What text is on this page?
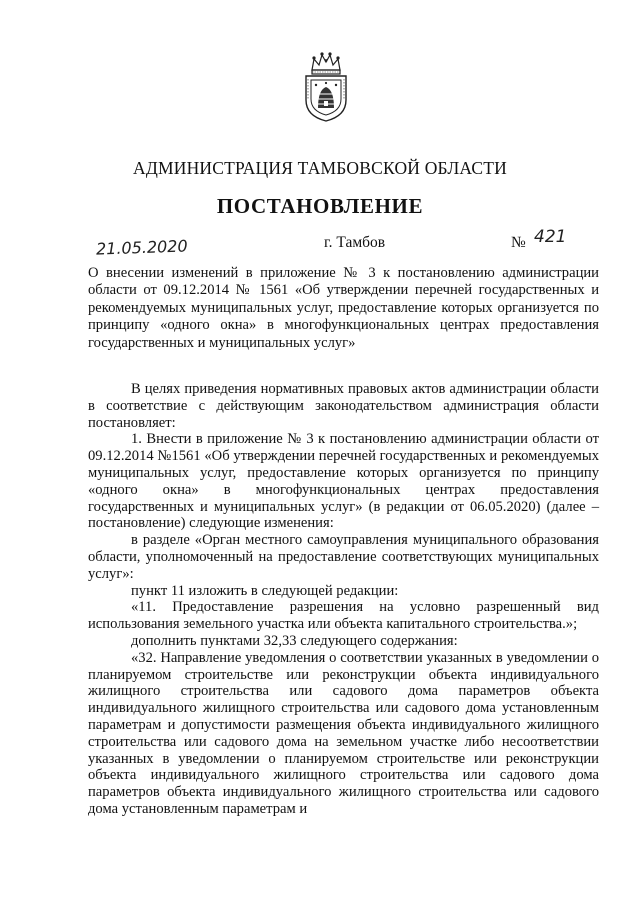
АДМИНИСТРАЦИЯ ТАМБОВСКОЙ ОБЛАСТИ
ПОСТАНОВЛЕНИЕ
21.05.2020	г. Тамбов	№ 421
О внесении изменений в приложение № 3 к постановлению администрации области от 09.12.2014 № 1561 «Об утверждении перечней государственных и рекомендуемых муниципальных услуг, предоставление которых организуется по принципу «одного окна» в многофункциональных центрах предоставления государственных и муниципальных услуг»

В целях приведения нормативных правовых актов администрации области в соответствие с действующим законодательством администрация области постановляет:

1. Внести в приложение № 3 к постановлению администрации области от 09.12.2014 №1561 «Об утверждении перечней государственных и рекомендуемых муниципальных услуг, предоставление которых организуется по принципу «одного окна» в многофункциональных центрах предоставления государственных и муниципальных услуг» (в редакции от 06.05.2020) (далее – постановление) следующие изменения:

в разделе «Орган местного самоуправления муниципального образования области, уполномоченный на предоставление соответствующих муниципальных услуг»:

пункт 11 изложить в следующей редакции:

«11. Предоставление разрешения на условно разрешенный вид использования земельного участка или объекта капитального строительства.»;

дополнить пунктами 32,33 следующего содержания:

«32. Направление уведомления о соответствии указанных в уведомлении о планируемом строительстве или реконструкции объекта индивидуального жилищного строительства или садового дома параметров объекта индивидуального жилищного строительства или садового дома установленным параметрам и допустимости размещения объекта индивидуального жилищного строительства или садового дома на земельном участке либо несоответствии указанных в уведомлении о планируемом строительстве или реконструкции объекта индивидуального жилищного строительства или садового дома параметров объекта индивидуального жилищного строительства или садового дома установленным параметрам и
